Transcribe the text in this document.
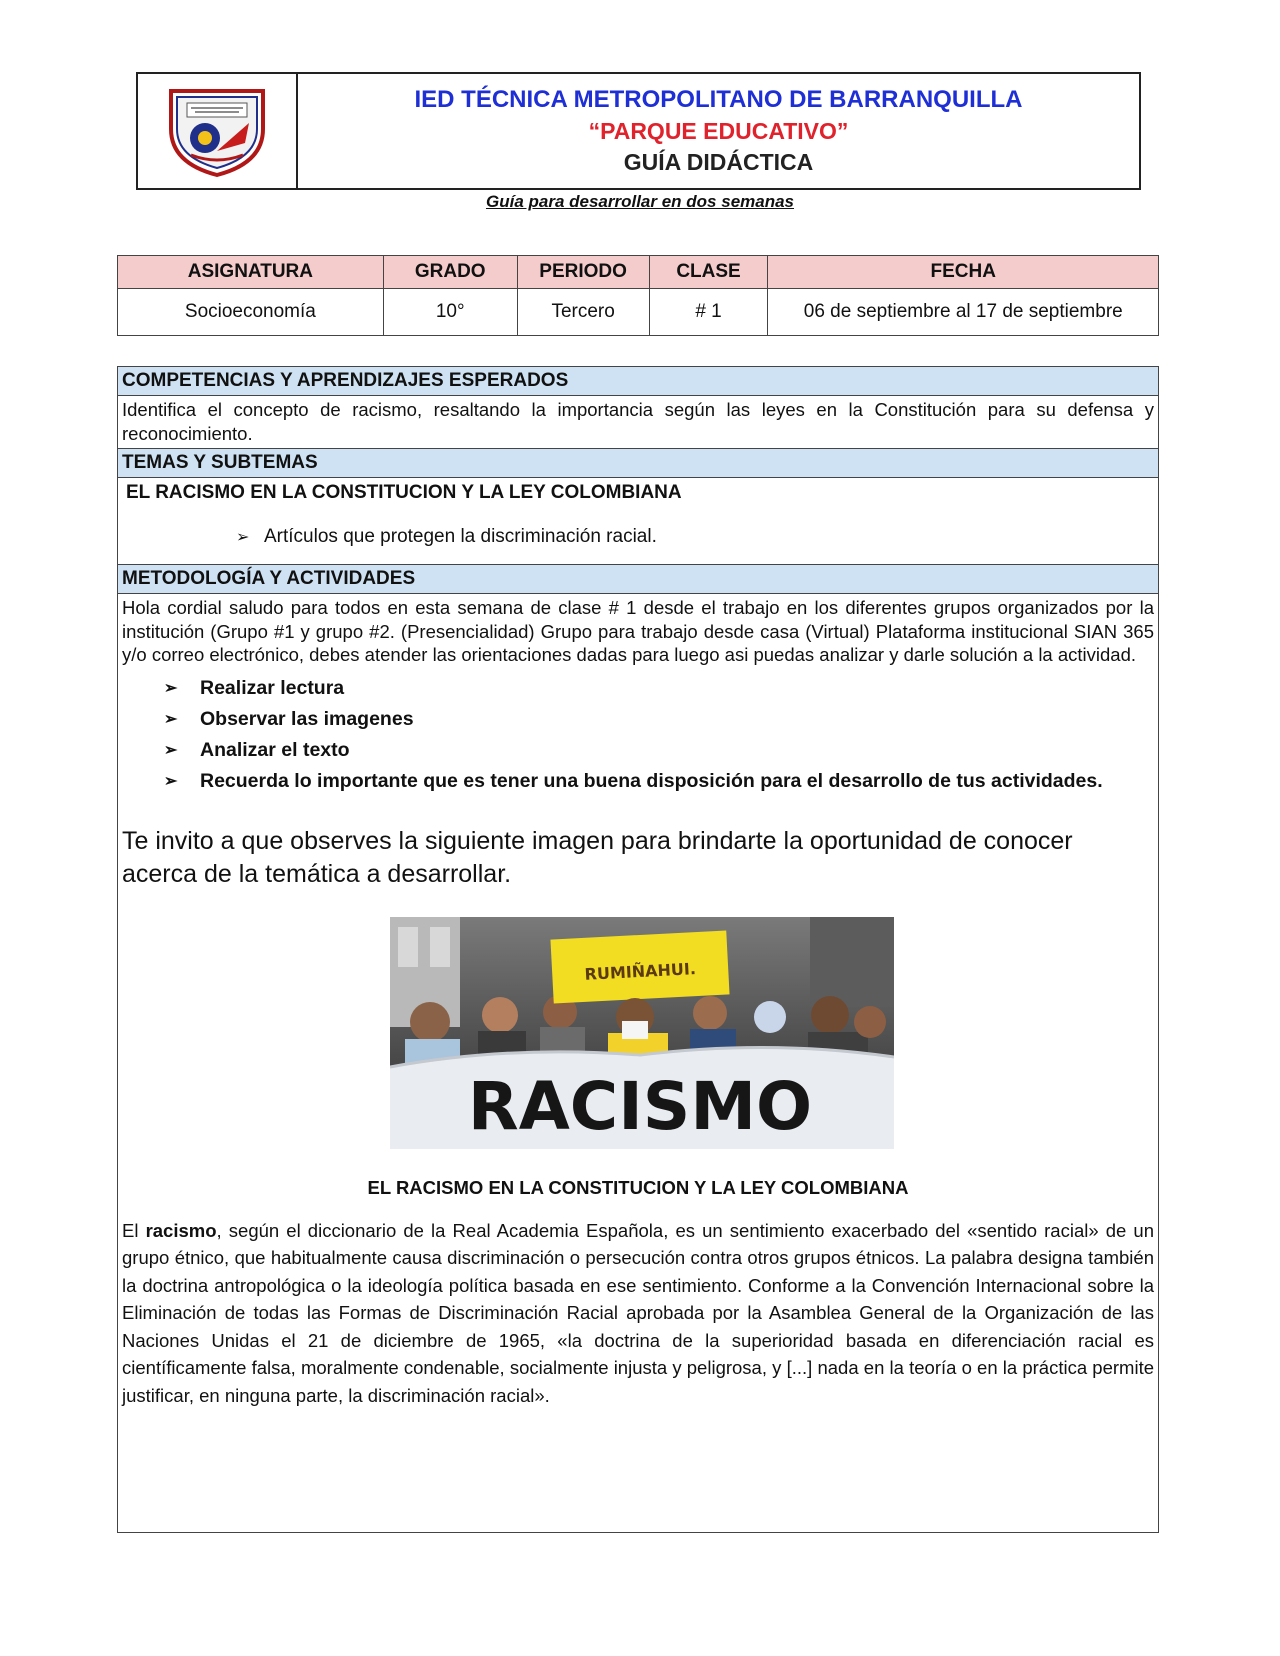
IED TÉCNICA METROPOLITANO DE BARRANQUILLA
“PARQUE EDUCATIVO”
GUÍA DIDÁCTICA
Guía para desarrollar en dos semanas
ASIGNATURA	GRADO	PERIODO	CLASE	FECHA
Socioeconomía	10°	Tercero	# 1	06 de septiembre al 17 de septiembre
COMPETENCIAS Y APRENDIZAJES ESPERADOS
Identifica el concepto de racismo, resaltando la importancia según las leyes en la Constitución para su defensa y reconocimiento.
TEMAS Y SUBTEMAS
EL RACISMO EN LA CONSTITUCION Y LA LEY COLOMBIANA
➢ Artículos que protegen la discriminación racial.
METODOLOGÍA Y ACTIVIDADES
Hola cordial saludo para todos en esta semana de clase # 1 desde el trabajo en los diferentes grupos organizados por la institución (Grupo #1 y grupo #2. (Presencialidad) Grupo para trabajo desde casa (Virtual) Plataforma institucional SIAN 365 y/o correo electrónico, debes atender las orientaciones dadas para luego asi puedas analizar y darle solución a la actividad.
➢	Realizar lectura
➢	Observar las imagenes
➢	Analizar el texto
➢	Recuerda lo importante que es tener una buena disposición para el desarrollo de tus actividades.
Te invito a que observes la siguiente imagen para brindarte la oportunidad de conocer acerca de la temática a desarrollar.
RUMIÑAHUI.
RACISMO
EL RACISMO EN LA CONSTITUCION Y LA LEY COLOMBIANA
El racismo, según el diccionario de la Real Academia Española, es un sentimiento exacerbado del «sentido racial» de un grupo étnico, que habitualmente causa discriminación o persecución contra otros grupos étnicos. La palabra designa también la doctrina antropológica o la ideología política basada en ese sentimiento. Conforme a la Convención Internacional sobre la Eliminación de todas las Formas de Discriminación Racial aprobada por la Asamblea General de la Organización de las Naciones Unidas el 21 de diciembre de 1965, «la doctrina de la superioridad basada en diferenciación racial es científicamente falsa, moralmente condenable, socialmente injusta y peligrosa, y [...] nada en la teoría o en la práctica permite justificar, en ninguna parte, la discriminación racial».
